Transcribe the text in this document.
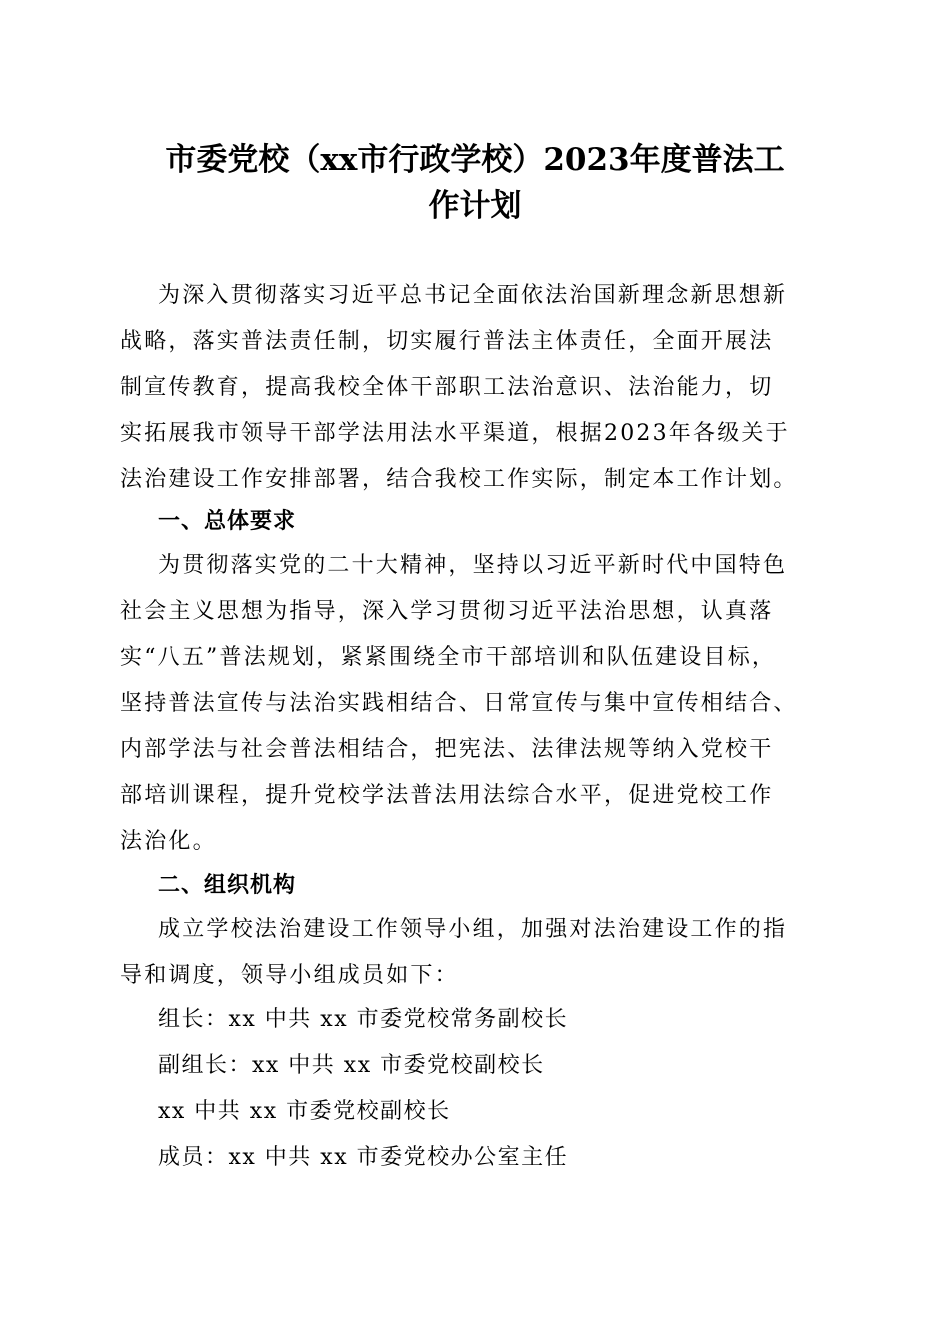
市委党校（xx市行政学校）2023年度普法工
作计划
为深入贯彻落实习近平总书记全面依法治国新理念新思想新
战略，落实普法责任制，切实履行普法主体责任，全面开展法
制宣传教育，提高我校全体干部职工法治意识、法治能力，切
实拓展我市领导干部学法用法水平渠道，根据2023年各级关于
法治建设工作安排部署，结合我校工作实际，制定本工作计划。
一、总体要求
为贯彻落实党的二十大精神，坚持以习近平新时代中国特色
社会主义思想为指导，深入学习贯彻习近平法治思想，认真落
实“八五”普法规划，紧紧围绕全市干部培训和队伍建设目标，
坚持普法宣传与法治实践相结合、日常宣传与集中宣传相结合、
内部学法与社会普法相结合，把宪法、法律法规等纳入党校干
部培训课程，提升党校学法普法用法综合水平，促进党校工作
法治化。
二、组织机构
成立学校法治建设工作领导小组，加强对法治建设工作的指
导和调度，领导小组成员如下：
组长：xx 中共 xx 市委党校常务副校长
副组长：xx 中共 xx 市委党校副校长
xx 中共 xx 市委党校副校长
成员：xx 中共 xx 市委党校办公室主任
